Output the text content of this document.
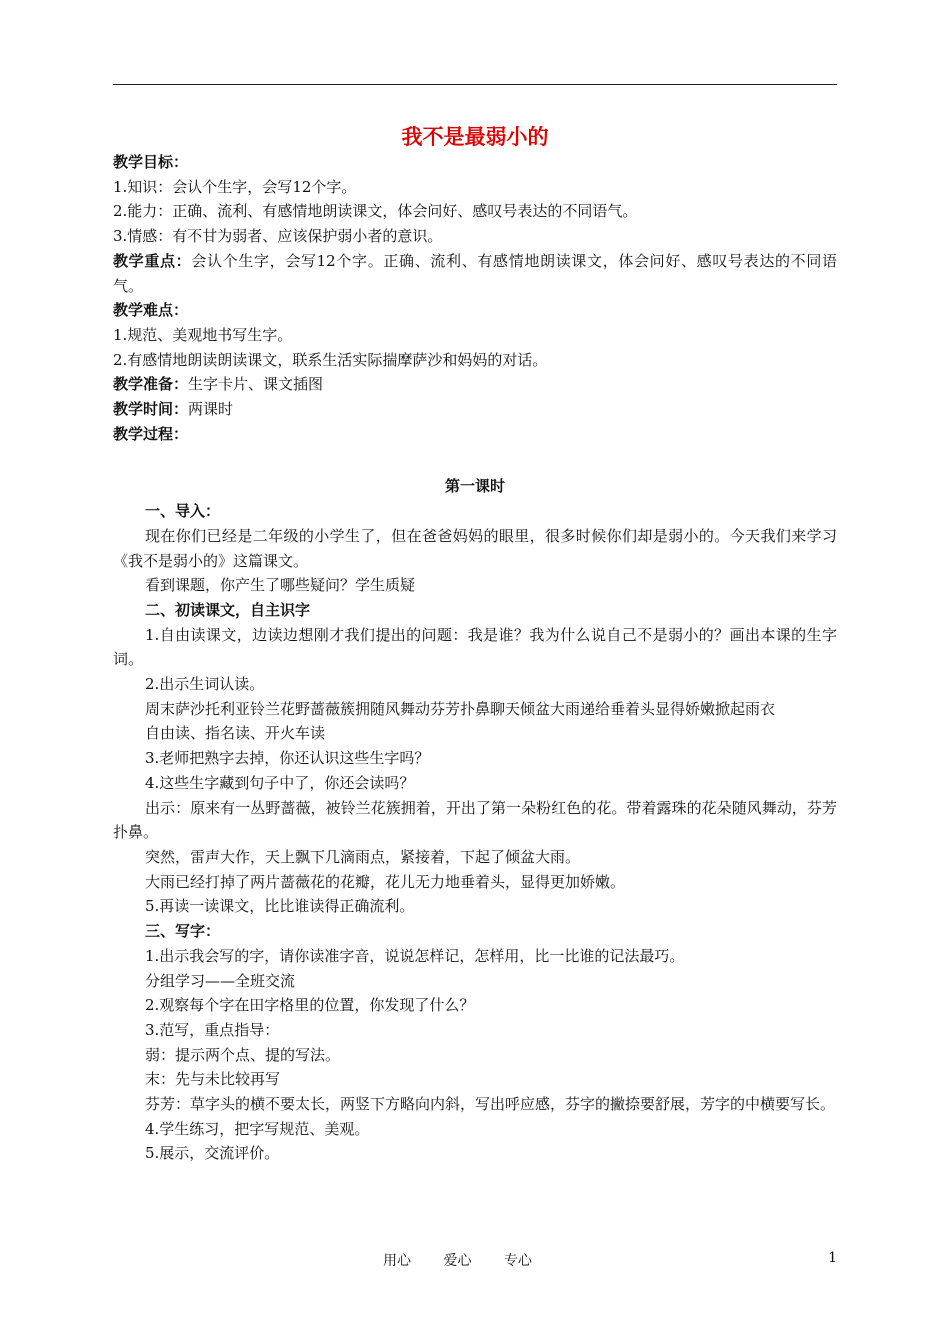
我不是最弱小的

教学目标：

1.知识：会认个生字，会写12个字。

2.能力：正确、流利、有感情地朗读课文，体会问好、感叹号表达的不同语气。

3.情感：有不甘为弱者、应该保护弱小者的意识。

教学重点：会认个生字，会写12个字。正确、流利、有感情地朗读课文，体会问好、感叹号表达的不同语气。

教学难点：

1.规范、美观地书写生字。

2.有感情地朗读朗读课文，联系生活实际揣摩萨沙和妈妈的对话。

教学准备：生字卡片、课文插图

教学时间：两课时

教学过程：

第一课时

一、导入：

现在你们已经是二年级的小学生了，但在爸爸妈妈的眼里，很多时候你们却是弱小的。今天我们来学习《我不是弱小的》这篇课文。

看到课题，你产生了哪些疑问？学生质疑

二、初读课文，自主识字

1.自由读课文，边读边想刚才我们提出的问题：我是谁？我为什么说自己不是弱小的？画出本课的生字词。

2.出示生词认读。

周末萨沙托利亚铃兰花野蔷薇簇拥随风舞动芬芳扑鼻聊天倾盆大雨递给垂着头显得娇嫩掀起雨衣

自由读、指名读、开火车读

3.老师把熟字去掉，你还认识这些生字吗？

4.这些生字藏到句子中了，你还会读吗？

出示：原来有一丛野蔷薇，被铃兰花簇拥着，开出了第一朵粉红色的花。带着露珠的花朵随风舞动，芬芳扑鼻。

突然，雷声大作，天上飘下几滴雨点，紧接着，下起了倾盆大雨。

大雨已经打掉了两片蔷薇花的花瓣，花儿无力地垂着头，显得更加娇嫩。

5.再读一读课文，比比谁读得正确流利。

三、写字：

1.出示我会写的字，请你读准字音，说说怎样记，怎样用，比一比谁的记法最巧。

分组学习——全班交流

2.观察每个字在田字格里的位置，你发现了什么？

3.范写，重点指导：

弱：提示两个点、提的写法。

末：先与未比较再写

芬芳：草字头的横不要太长，两竖下方略向内斜，写出呼应感，芬字的撇捺要舒展，芳字的中横要写长。

4.学生练习，把字写规范、美观。

5.展示，交流评价。

用心 爱心 专心	1
